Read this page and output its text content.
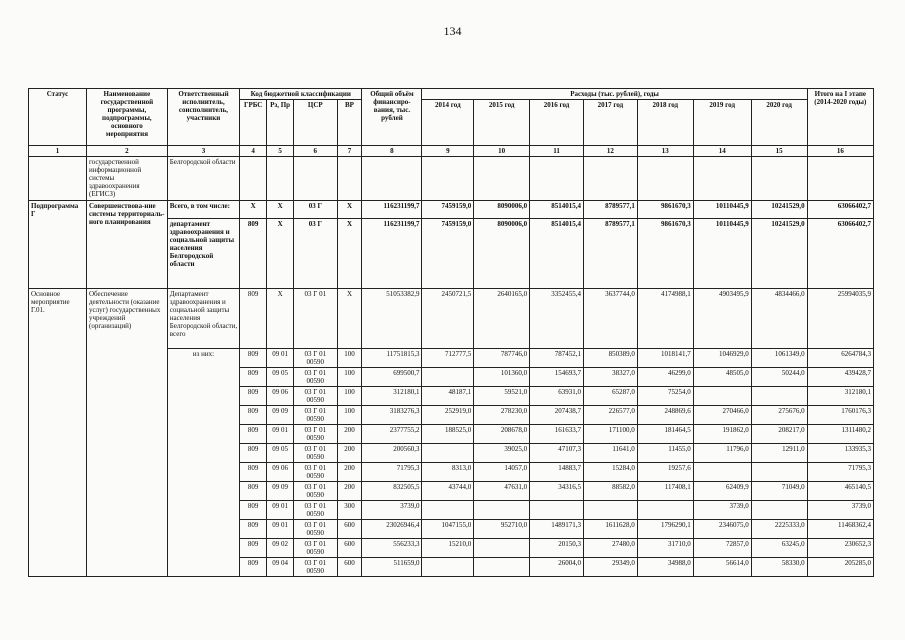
134
Статус	Наименование государственной программы, подпрограммы, основного мероприятия	Ответственный исполнитель, соисполнитель, участники	Код бюджетной классификации				Общий объём финансиро-вания, тыс. рублей	Расходы (тыс. рублей), годы							Итого на I этапе (2014-2020 годы)
			ГРБС	Рз, Пр	ЦСР	ВР		2014 год	2015 год	2016 год	2017 год	2018 год	2019 год	2020 год	
1	2	3	4	5	6	7	8	9	10	11	12	13	14	15	16
	государственной информационной системы здравоохранения (ЕГИСЗ)	Белгородской области													
Подпрограмма Г	Совершенствова-ние системы территориаль-ного планирования	Всего, в том числе:	Х	Х	03 Г	Х	116231199,7	7459159,0	8090006,0	8514015,4	8789577,1	9861670,3	10110445,9	10241529,0	63066402,7
		департамент здравоохранения и социальной защиты населения Белгородской области	809	Х	03 Г	Х	116231199,7	7459159,0	8090006,0	8514015,4	8789577,1	9861670,3	10110445,9	10241529,0	63066402,7
Основное мероприятие Г.01.	Обеспечение деятельности (оказание услуг) государственных учреждений (организаций)	Департамент здравоохранения и социальной защиты населения Белгородской области, всего	809	Х	03 Г 01	Х	51053382,9	2450721,5	2640165,0	3352455,4	3637744,0	4174988,1	4903495,9	4834466,0	25994035,9
		из них:	809	09 01	03 Г 01 00590	100	11751815,3	712777,5	787746,0	787452,1	850389,0	1018141,7	1046929,0	1061349,0	6264784,3
			809	09 05	03 Г 01 00590	100	699500,7		101360,0	154693,7	38327,0	46299,0	48505,0	50244,0	439428,7
			809	09 06	03 Г 01 00590	100	312180,1	48187,1	59521,0	63931,0	65287,0	75254,0			312180,1
			809	09 09	03 Г 01 00590	100	3183276,3	252919,0	278230,0	207438,7	226577,0	248869,6	270466,0	275676,0	1760176,3
			809	09 01	03 Г 01 00590	200	2377755,2	188525,0	208678,0	161633,7	171100,0	181464,5	191862,0	208217,0	1311480,2
			809	09 05	03 Г 01 00590	200	200560,3		39025,0	47107,3	11641,0	11455,0	11796,0	12911,0	133935,3
			809	09 06	03 Г 01 00590	200	71795,3	8313,0	14057,0	14883,7	15284,0	19257,6			71795,3
			809	09 09	03 Г 01 00590	200	832505,5	43744,0	47631,0	34316,5	88582,0	117408,1	62409,9	71049,0	465140,5
			809	09 01	03 Г 01 00590	300	3739,0						3739,0		3739,0
			809	09 01	03 Г 01 00590	600	23026946,4	1047155,0	952710,0	1489171,3	1611628,0	1796290,1	2346075,0	2225333,0	11468362,4
			809	09 02	03 Г 01 00590	600	556233,3	15210,0		20150,3	27480,0	31710,0	72857,0	63245,0	230652,3
			809	09 04	03 Г 01 00590	600	511659,0			26004,0	29349,0	34988,0	56614,0	58330,0	205285,0
